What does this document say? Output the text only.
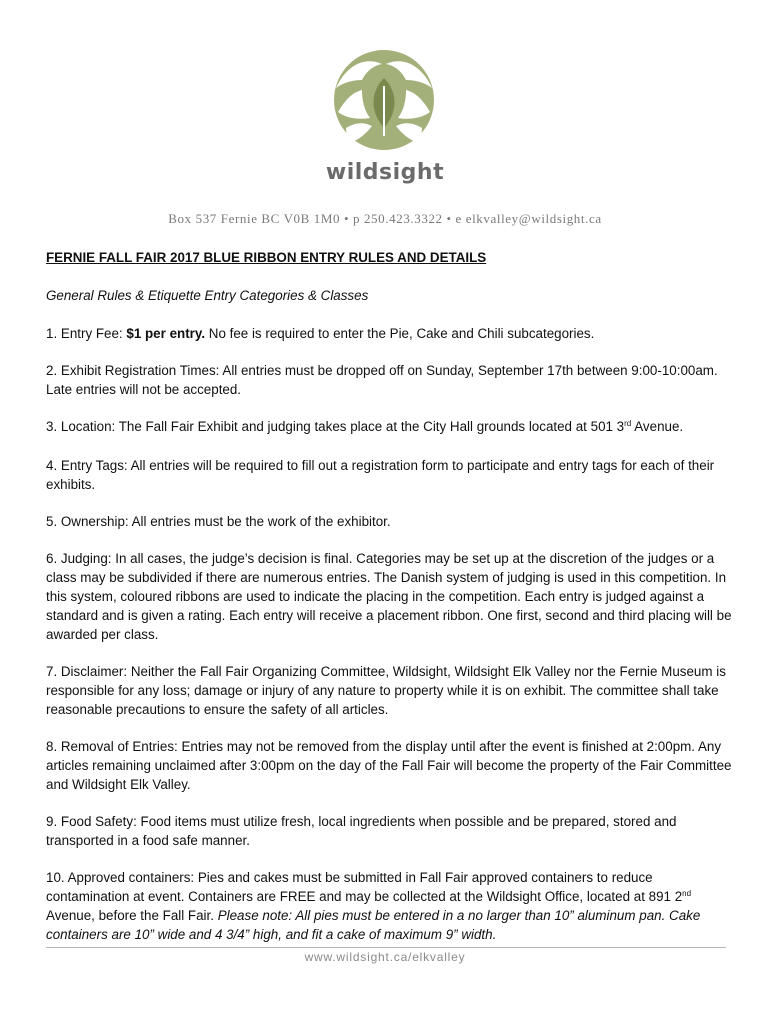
wildsight
Box 537 Fernie BC V0B 1M0 • p 250.423.3322 • e elkvalley@wildsight.ca
FERNIE FALL FAIR 2017 BLUE RIBBON ENTRY RULES AND DETAILS
General Rules & Etiquette Entry Categories & Classes

1. Entry Fee: $1 per entry. No fee is required to enter the Pie, Cake and Chili subcategories.

2. Exhibit Registration Times: All entries must be dropped off on Sunday, September 17th between 9:00-10:00am. Late entries will not be accepted.

3. Location: The Fall Fair Exhibit and judging takes place at the City Hall grounds located at 501 3rd Avenue.

4. Entry Tags: All entries will be required to fill out a registration form to participate and entry tags for each of their exhibits.

5. Ownership: All entries must be the work of the exhibitor.

6. Judging: In all cases, the judge’s decision is final. Categories may be set up at the discretion of the judges or a class may be subdivided if there are numerous entries. The Danish system of judging is used in this competition. In this system, coloured ribbons are used to indicate the placing in the competition. Each entry is judged against a standard and is given a rating. Each entry will receive a placement ribbon. One first, second and third placing will be awarded per class.

7. Disclaimer: Neither the Fall Fair Organizing Committee, Wildsight, Wildsight Elk Valley nor the Fernie Museum is responsible for any loss; damage or injury of any nature to property while it is on exhibit. The committee shall take reasonable precautions to ensure the safety of all articles.

8. Removal of Entries: Entries may not be removed from the display until after the event is finished at 2:00pm. Any articles remaining unclaimed after 3:00pm on the day of the Fall Fair will become the property of the Fair Committee and Wildsight Elk Valley.

9. Food Safety: Food items must utilize fresh, local ingredients when possible and be prepared, stored and transported in a food safe manner.

10. Approved containers: Pies and cakes must be submitted in Fall Fair approved containers to reduce contamination at event. Containers are FREE and may be collected at the Wildsight Office, located at 891 2nd Avenue, before the Fall Fair. Please note: All pies must be entered in a no larger than 10” aluminum pan. Cake containers are 10” wide and 4 3/4” high, and fit a cake of maximum 9” width.

www.wildsight.ca/elkvalley
